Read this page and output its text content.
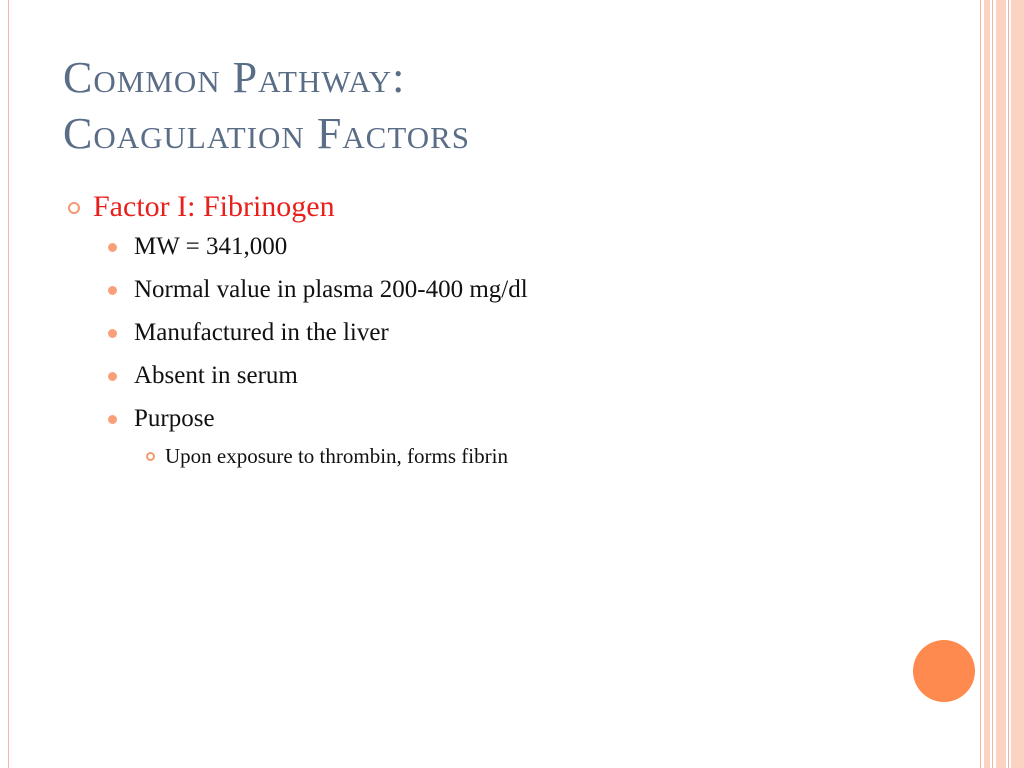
Common Pathway:
Coagulation Factors
Factor I: Fibrinogen
MW = 341,000
Normal value in plasma 200-400 mg/dl
Manufactured in the liver
Absent in serum
Purpose
Upon exposure to thrombin, forms fibrin
